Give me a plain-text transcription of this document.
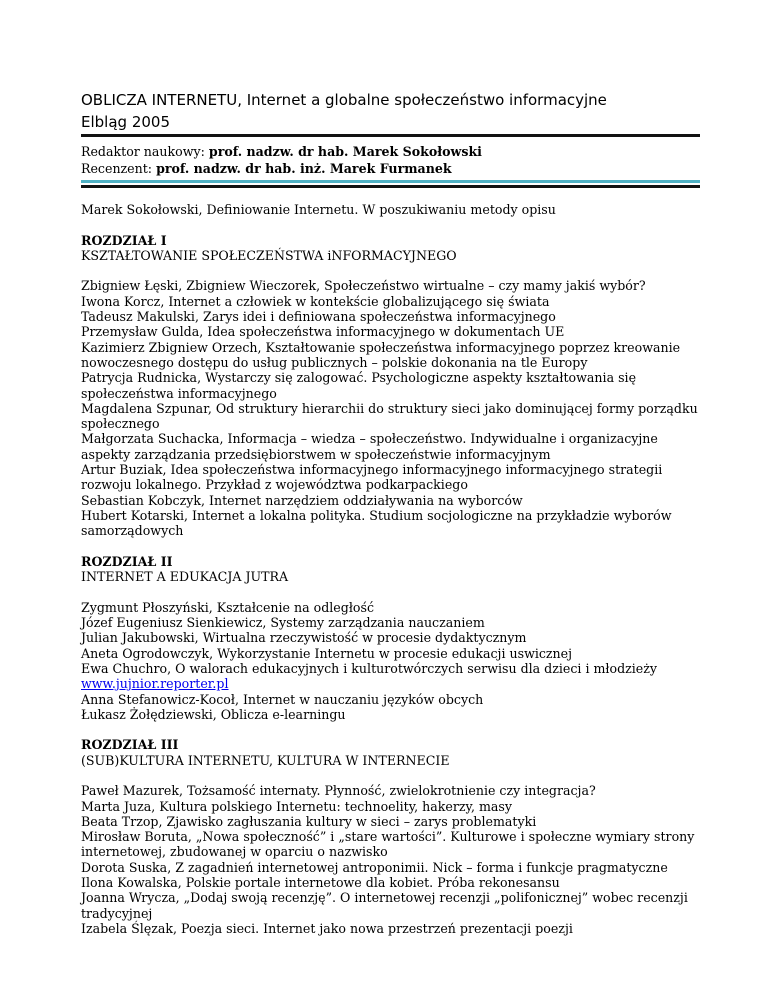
OBLICZA INTERNETU, Internet a globalne społeczeństwo informacyjne
Elbląg 2005
Redaktor naukowy: prof. nadzw. dr hab. Marek Sokołowski
Recenzent: prof. nadzw. dr hab. inż. Marek Furmanek

Marek Sokołowski, Definiowanie Internetu. W poszukiwaniu metody opisu

ROZDZIAŁ I

KSZTAŁTOWANIE SPOŁECZEŃSTWA iNFORMACYJNEGO

Zbigniew Łęski, Zbigniew Wieczorek, Społeczeństwo wirtualne – czy mamy jakiś wybór?

Iwona Korcz, Internet a człowiek w kontekście globalizującego się świata

Tadeusz Makulski, Zarys idei i definiowana społeczeństwa informacyjnego

Przemysław Gulda, Idea społeczeństwa informacyjnego w dokumentach UE

Kazimierz Zbigniew Orzech, Kształtowanie społeczeństwa informacyjnego poprzez kreowanie nowoczesnego dostępu do usług publicznych – polskie dokonania na tle Europy

Patrycja Rudnicka, Wystarczy się zalogować. Psychologiczne aspekty kształtowania się społeczeństwa informacyjnego

Magdalena Szpunar, Od struktury hierarchii do struktury sieci jako dominującej formy porządku społecznego

Małgorzata Suchacka, Informacja – wiedza – społeczeństwo. Indywidualne i organizacyjne aspekty zarządzania przedsiębiorstwem w społeczeństwie informacyjnym

Artur Buziak, Idea społeczeństwa informacyjnego informacyjnego informacyjnego strategii rozwoju lokalnego. Przykład z województwa podkarpackiego

Sebastian Kobczyk, Internet narzędziem oddziaływania na wyborców

Hubert Kotarski, Internet a lokalna polityka. Studium socjologiczne na przykładzie wyborów samorządowych

ROZDZIAŁ II

INTERNET A EDUKACJA JUTRA

Zygmunt Płoszyński, Kształcenie na odległość

Józef Eugeniusz Sienkiewicz, Systemy zarządzania nauczaniem

Julian Jakubowski, Wirtualna rzeczywistość w procesie dydaktycznym

Aneta Ogrodowczyk, Wykorzystanie Internetu w procesie edukacji uswicznej

Ewa Chuchro, O walorach edukacyjnych i kulturotwórczych serwisu dla dzieci i młodzieży

www.jujnior.reporter.pl

Anna Stefanowicz-Kocoł, Internet w nauczaniu języków obcych

Łukasz Żołędziewski, Oblicza e-learningu

ROZDZIAŁ III

(SUB)KULTURA INTERNETU, KULTURA W INTERNECIE

Paweł Mazurek, Tożsamość internaty. Płynność, zwielokrotnienie czy integracja?

Marta Juza, Kultura polskiego Internetu: technoelity, hakerzy, masy

Beata Trzop, Zjawisko zagłuszania kultury w sieci – zarys problematyki

Mirosław Boruta, „Nowa społeczność” i „stare wartości”. Kulturowe i społeczne wymiary strony internetowej, zbudowanej w oparciu o nazwisko

Dorota Suska, Z zagadnień internetowej antroponimii. Nick – forma i funkcje pragmatyczne

Ilona Kowalska, Polskie portale internetowe dla kobiet. Próba rekonesansu

Joanna Wrycza, „Dodaj swoją recenzję”. O internetowej recenzji „polifonicznej” wobec recenzji tradycyjnej

Izabela Ślęzak, Poezja sieci. Internet jako nowa przestrzeń prezentacji poezji
